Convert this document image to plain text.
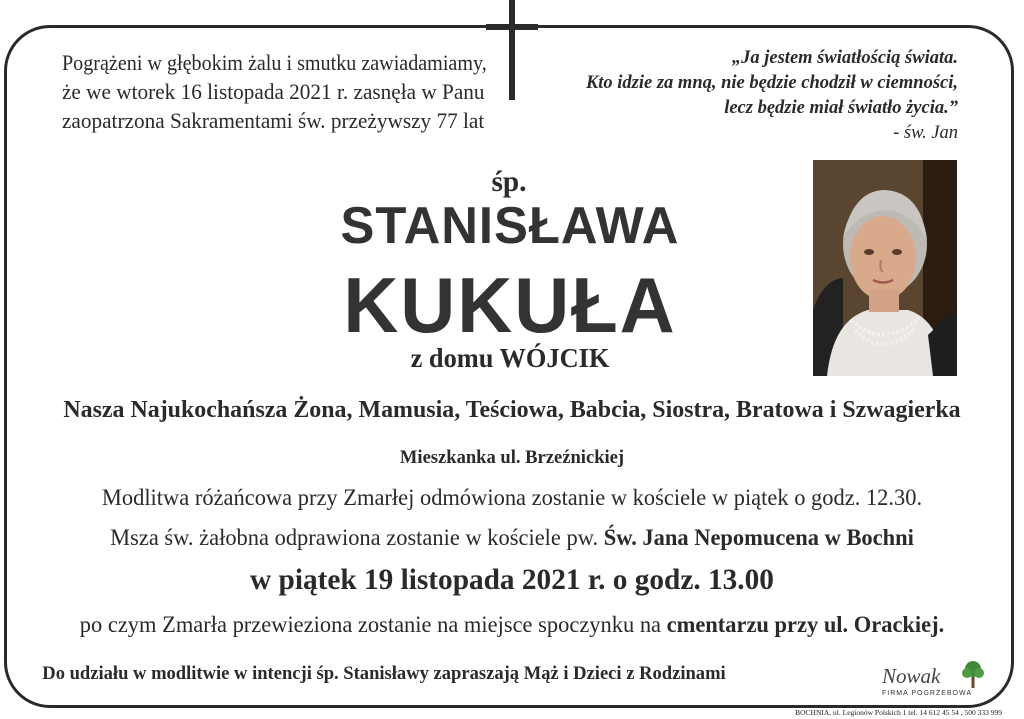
Pogrążeni w głębokim żalu i smutku zawiadamiamy,
że we wtorek 16 listopada 2021 r. zasnęła w Panu
zaopatrzona Sakramentami św. przeżywszy 77 lat
„Ja jestem światłością świata.
Kto idzie za mną, nie będzie chodził w ciemności,
lecz będzie miał światło życia.”
- św. Jan
śp.
STANISŁAWA
KUKUŁA
z domu WÓJCIK
Nasza Najukochańsza Żona, Mamusia, Teściowa, Babcia, Siostra, Bratowa i Szwagierka
Mieszkanka ul. Brzeźnickiej
Modlitwa różańcowa przy Zmarłej odmówiona zostanie w kościele w piątek o godz. 12.30.
Msza św. żałobna odprawiona zostanie w kościele pw. Św. Jana Nepomucena w Bochni
w piątek 19 listopada 2021 r. o godz. 13.00
po czym Zmarła przewieziona zostanie na miejsce spoczynku na cmentarzu przy ul. Orackiej.
Do udziału w modlitwie w intencji śp. Stanisławy zapraszają Mąż i Dzieci z Rodzinami	Nowak
FIRMA POGRZEBOWA
BOCHNIA, ul. Legionów Polskich 1 tel. 14 612 45 54 , 500 333 999
